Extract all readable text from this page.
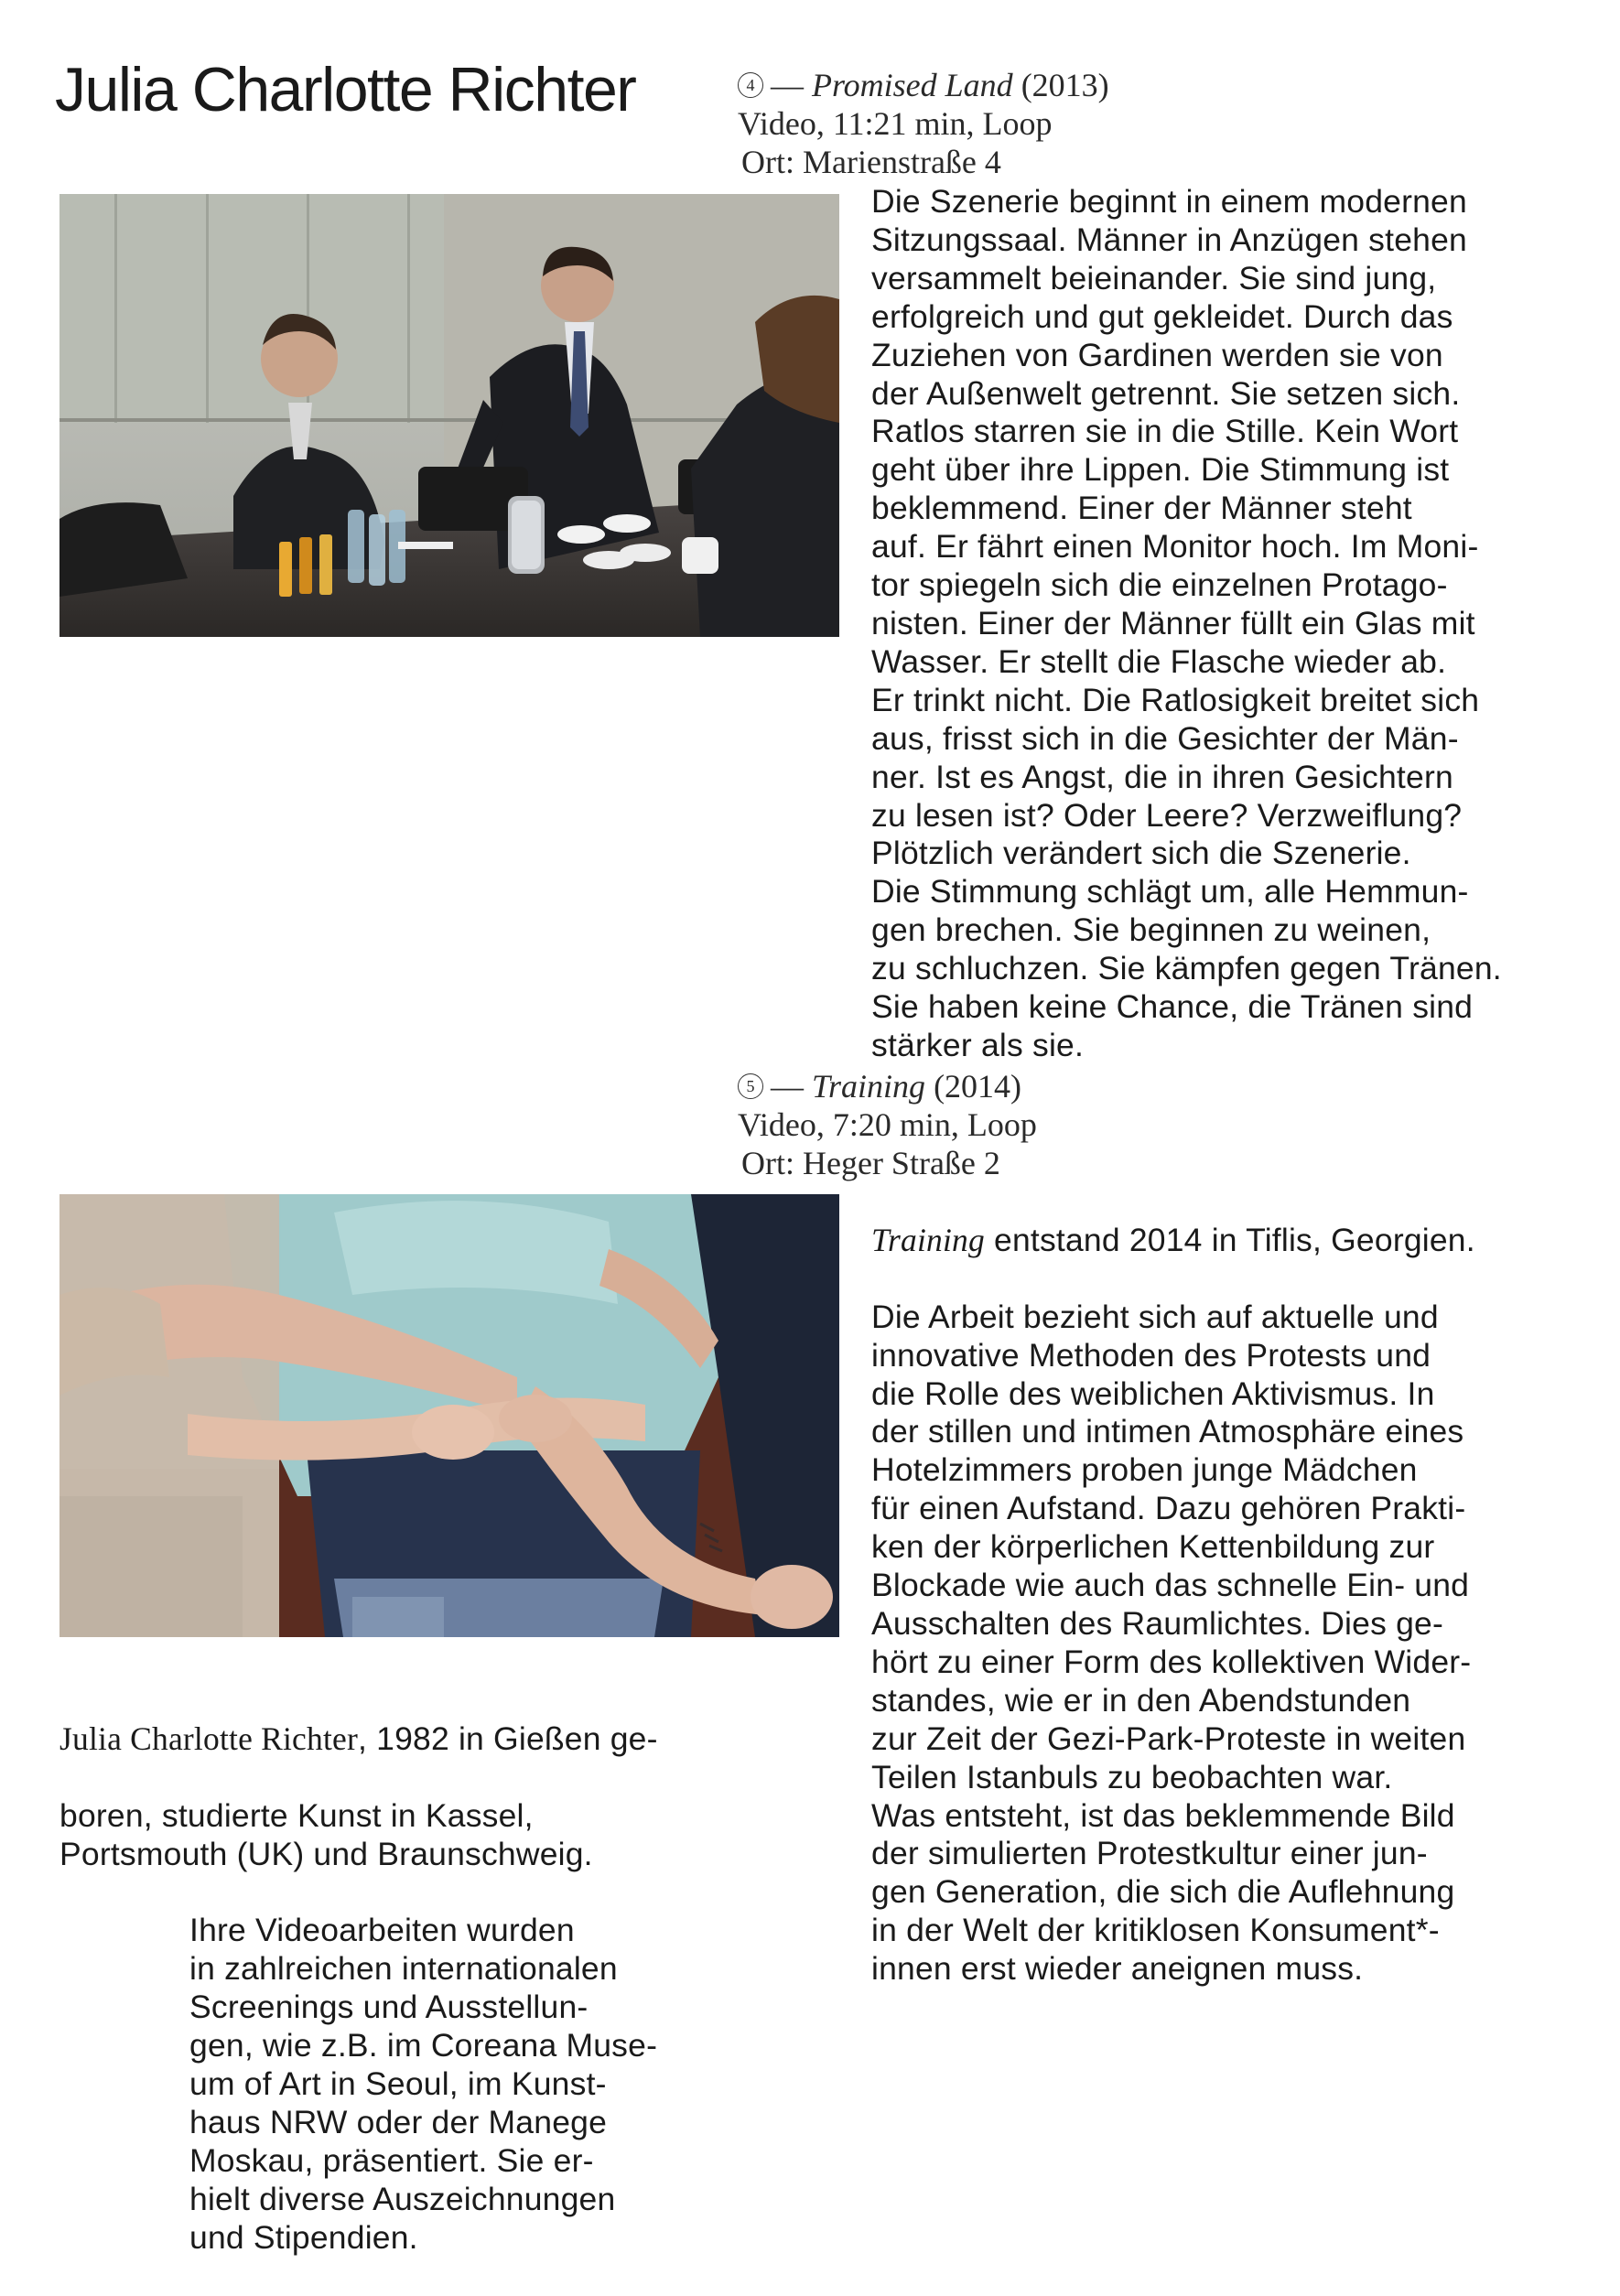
Julia Charlotte Richter	4 — Promised Land (2013)
Video, 11:21 min, Loop
Ort: Marienstraße 4
Die Szenerie beginnt in einem modernen
Sitzungssaal. Männer in Anzügen stehen
versammelt beieinander. Sie sind jung,
erfolgreich und gut gekleidet. Durch das
Zuziehen von Gardinen werden sie von
der Außenwelt getrennt. Sie setzen sich.
Ratlos starren sie in die Stille. Kein Wort
geht über ihre Lippen. Die Stimmung ist
beklemmend. Einer der Männer steht
auf. Er fährt einen Monitor hoch. Im Moni-
tor spiegeln sich die einzelnen Protago-
nisten. Einer der Männer füllt ein Glas mit
Wasser. Er stellt die Flasche wieder ab.
Er trinkt nicht. Die Ratlosigkeit breitet sich
aus, frisst sich in die Gesichter der Män-
ner. Ist es Angst, die in ihren Gesichtern
zu lesen ist? Oder Leere? Verzweiflung?
Plötzlich verändert sich die Szenerie.
Die Stimmung schlägt um, alle Hemmun-
gen brechen. Sie beginnen zu weinen,
zu schluchzen. Sie kämpfen gegen Tränen.
Sie haben keine Chance, die Tränen sind
stärker als sie.
5 — Training (2014)
Video, 7:20 min, Loop
Ort: Heger Straße 2

Training entstand 2014 in Tiflis, Georgien.

Die Arbeit bezieht sich auf aktuelle und
innovative Methoden des Protests und
die Rolle des weiblichen Aktivismus. In
der stillen und intimen Atmosphäre eines
Hotelzimmers proben junge Mädchen
für einen Aufstand. Dazu gehören Prakti-
ken der körperlichen Kettenbildung zur
Blockade wie auch das schnelle Ein- und
Ausschalten des Raumlichtes. Dies ge-
hört zu einer Form des kollektiven Wider-
standes, wie er in den Abendstunden
zur Zeit der Gezi-Park-Proteste in weiten
Teilen Istanbuls zu beobachten war.
Was entsteht, ist das beklemmende Bild
der simulierten Protestkultur einer jun-
gen Generation, die sich die Auflehnung
in der Welt der kritiklosen Konsument*-
innen erst wieder aneignen muss.

Julia Charlotte Richter, 1982 in Gießen ge-

boren, studierte Kunst in Kassel,
Portsmouth (UK) und Braunschweig.

Ihre Videoarbeiten wurden
in zahlreichen internationalen
Screenings und Ausstellun-
gen, wie z.B. im Coreana Muse-
um of Art in Seoul, im Kunst-
haus NRW oder der Manege
Moskau, präsentiert. Sie er-
hielt diverse Auszeichnungen
und Stipendien.
